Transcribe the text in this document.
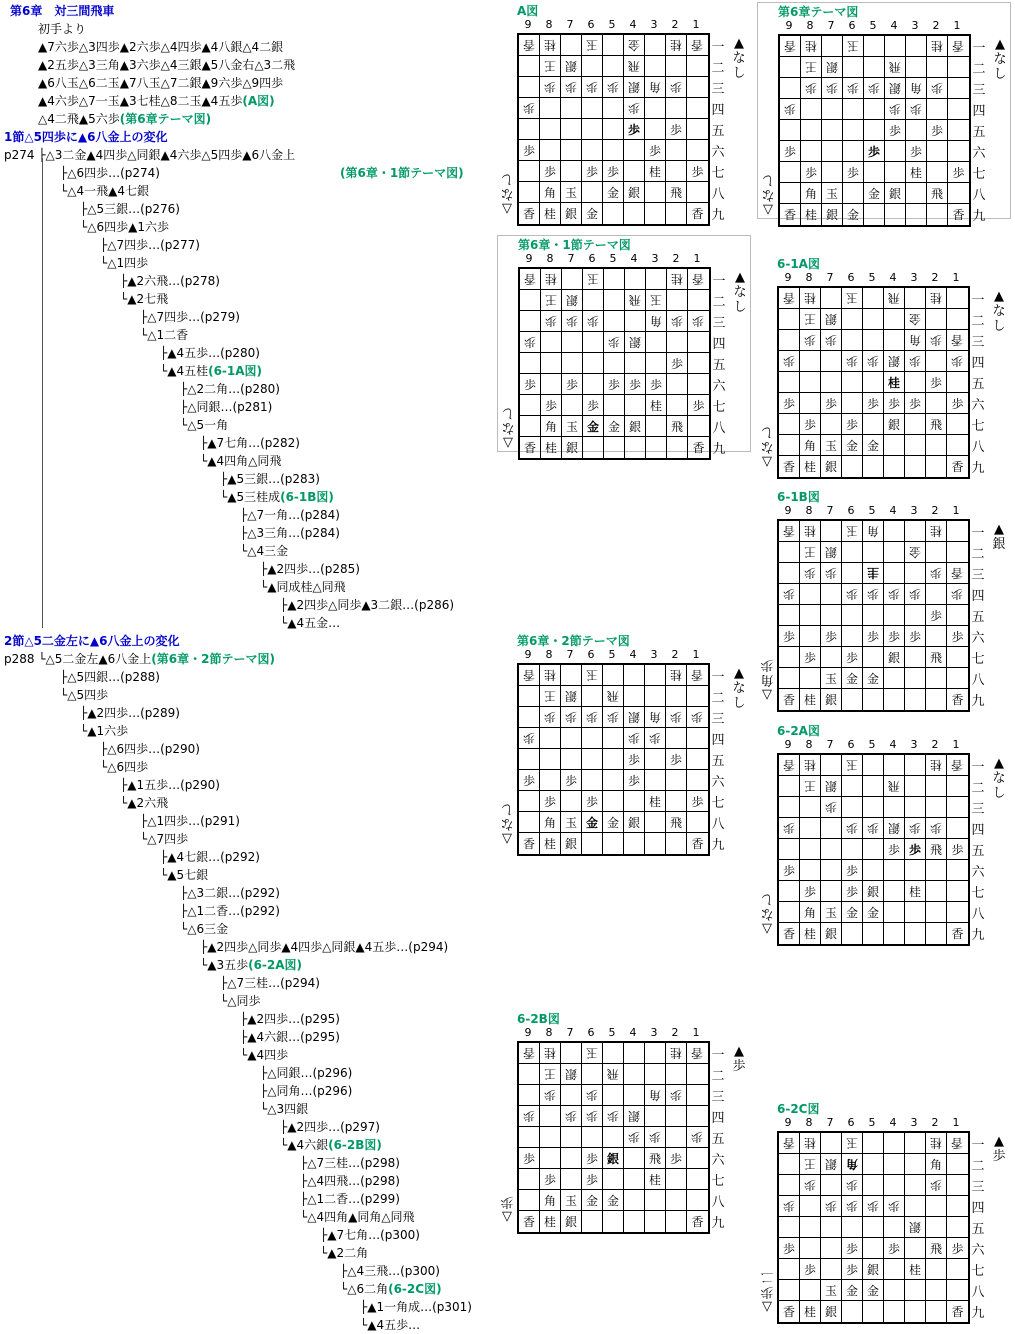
第6章　対三間飛車
初手より
▲7六歩△3四歩▲2六歩△4四歩▲4八銀△4二銀
▲2五歩△3三角▲3六歩△4三銀▲5八金右△3二飛
▲6八玉△6二玉▲7八玉△7二銀▲9六歩△9四歩
▲4六歩△7一玉▲3七桂△8二玉▲4五歩(A図)
△4二飛▲5六歩(第6章テーマ図)
1節△5四歩に▲6八金上の変化
p274 ├△3二金▲4四歩△同銀▲4六歩△5四歩▲6八金上
├△6四歩…(p274)	(第6章・1節テーマ図)
└△4一飛▲4七銀
├△5三銀…(p276)
└△6四歩▲1六歩
├△7四歩…(p277)
└△1四歩
├▲2六飛…(p278)
└▲2七飛
├△7四歩…(p279)
└△1二香
├▲4五歩…(p280)
└▲4五桂(6-1A図)
├△2二角…(p280)
├△同銀…(p281)
└△5一角
├▲7七角…(p282)
└▲4四角△同飛
├▲5三銀…(p283)
└▲5三桂成(6-1B図)
├△7一角…(p284)
├△3三角…(p284)
└△4三金
├▲2四歩…(p285)
└▲同成桂△同飛
├▲2四歩△同歩▲3二銀…(p286)
└▲4五金…
2節△5二金左に▲6八金上の変化
p288 └△5二金左▲6八金上(第6章・2節テーマ図)
├△5四銀…(p288)
└△5四歩
├▲2四歩…(p289)
└▲1六歩
├△6四歩…(p290)
└△6四歩
├▲1五歩…(p290)
└▲2六飛
├△1四歩…(p291)
└△7四歩
├▲4七銀…(p292)
└▲5七銀
├△3二銀…(p292)
├△1二香…(p292)
└△6三金
├▲2四歩△同歩▲4四歩△同銀▲4五歩…(p294)
└▲3五歩(6-2A図)
├△7三桂…(p294)
└△同歩
├▲2四歩…(p295)
├▲4六銀…(p295)
└▲4四歩
├△同銀…(p296)
├△同角…(p296)
└△3四銀
├▲2四歩…(p297)
└▲4六銀(6-2B図)
├△7三桂…(p298)
├△4四飛…(p298)
├△1二香…(p299)
└△4四角▲同角△同飛
├▲7七角…(p300)
└▲2二角
├△4三飛…(p300)
└△6二角(6-2C図)
├▲1一角成…(p301)
└▲4五歩…
A図
9	8	7	6	5	4	3	2	1
香 桂 玉 金 桂 香
王 銀	飛
歩 歩 歩 歩 銀 角 歩
歩	歩
歩 歩
歩	歩
歩 歩 歩 桂	歩
角 玉 金 銀 飛
香 桂 銀 金	香
一
二
三
四
五
六
七
八
九
▲
な
し
し
な
▽
第6章テーマ図
9	8	7	6	5	4	3	2	1
香 桂 玉	桂 香
王 銀	飛
歩 歩 歩 歩 銀 角 歩
歩	歩 歩
歩 歩
歩	歩 歩
歩 歩	桂	歩
角 玉 金 銀 飛
香 桂 銀 金	香
一
二
三
四
五
六
七
八
九
▲
な
し
し
な
▽
第6章・1節テーマ図
9	8	7	6	5	4	3	2	1
香 桂 玉	桂 香
王 銀	飛 玉
歩 歩 歩	角 歩 歩
歩	歩 銀
歩
歩 歩 歩 歩 歩
歩 歩	桂	歩
角 玉 金 金 銀 飛
香 桂 銀	香
一
二
三
四
五
六
七
八
九
▲
な
し
し
な
▽
6-1A図
9	8	7	6	5	4	3	2	1
香 桂 玉 飛 桂
王 銀	金
歩 歩	角 歩 香
歩	歩 歩 銀 歩	歩
桂 歩
歩 歩 歩 歩 歩	歩
歩 歩 銀 飛
角 玉 金 金
香 桂 銀	香
一
二
三
四
五
六
七
八
九
▲
な
し
し
な
▽
6-1B図
9	8	7	6	5	4	3	2	1
香 桂 玉 角	桂
王 銀	金
歩 歩 圭	歩 香
歩	歩 歩 歩 歩	歩
歩
歩 歩 歩 歩 歩	歩
歩 歩 銀 飛
玉 金 金
香 桂 銀	香
一
二
三
四
五
六
七
八
九
▲
銀
歩
角
▽
第6章・2節テーマ図
9	8	7	6	5	4	3	2	1
香 桂 玉	桂 香
王 銀 飛
歩 歩 歩 歩 銀 角 歩 歩
歩	歩 歩
歩 歩
歩 歩	歩
歩 歩	桂	歩
角 玉 金 金 銀 飛
香 桂 銀	香
一
二
三
四
五
六
七
八
九
▲
な
し
し
な
▽
6-2A図
9	8	7	6	5	4	3	2	1
香 桂 玉	桂 香
王 銀	飛
歩
歩	歩 歩 銀 歩 歩
歩 歩 飛 歩
歩	歩
歩 歩 銀 桂
角 玉 金 金
香 桂 銀	香
一
二
三
四
五
六
七
八
九
▲
な
し
し
な
▽
6-2B図
9	8	7	6	5	4	3	2	1
香 桂 玉	桂 香
王 銀 飛
歩 歩	角 歩
歩 歩 歩 歩 銀
歩 歩	歩
歩	歩 銀 飛 歩
歩 歩	桂
角 玉 金 金
香 桂 銀	香
一
二
三
四
五
六
七
八
九
▲
歩
歩
▽
6-2C図
9	8	7	6	5	4	3	2	1
香 桂 玉	桂 香
王 銀 角	角
歩 歩	歩
歩 歩 歩 歩 歩
銀
歩	歩 歩 飛 歩
歩 歩 銀 桂
玉 金 金
香 桂 銀	香
一
二
三
四
五
六
七
八
九
▲
歩
二
歩
▽
